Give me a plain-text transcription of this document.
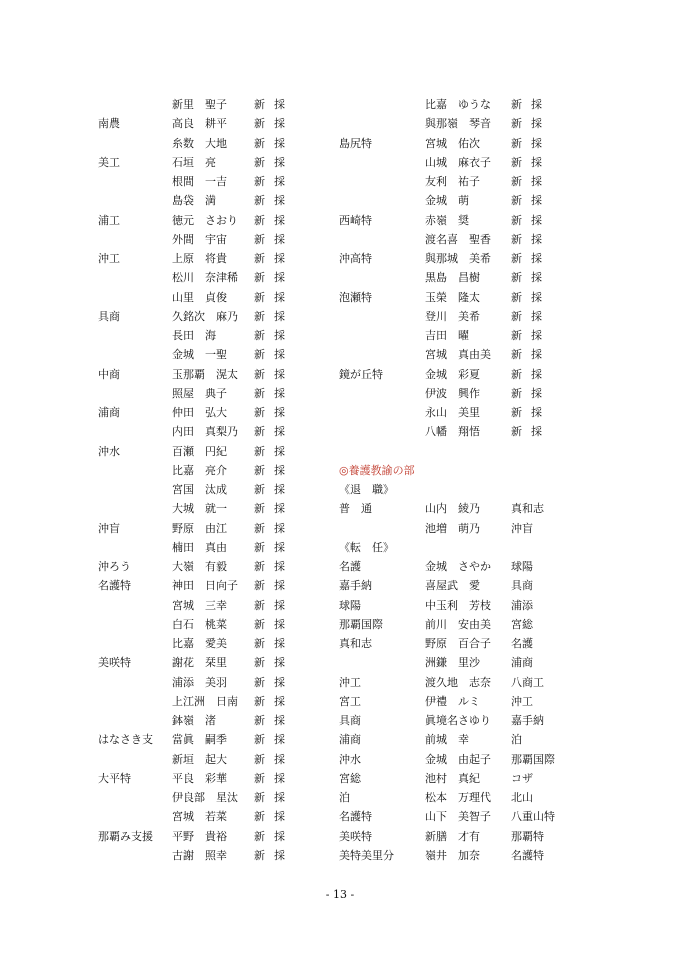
新里　聖子 新採
南農	高良　耕平 新採
糸数　大地 新採
美工	石垣　亮	新採
根間　一吉 新採
島袋　満	新採
浦工	徳元　さおり 新採
外間　宇宙 新採
沖工	上原　将貴 新採
松川　奈津稀 新採
山里　貞俊 新採
具商	久銘次　麻乃 新採
長田　海	新採
金城　一聖 新採
中商	玉那覇　滉太 新採
照屋　典子 新採
浦商	仲田　弘大 新採
内田　真梨乃 新採
沖水	百瀬　円紀 新採
比嘉　亮介 新採
宮国　汰成 新採
大城　就一 新採
沖盲	野原　由江 新採
楠田　真由 新採
沖ろう	大嶺　有毅 新採
名護特	神田　日向子 新採
宮城　三幸 新採
白石　桃菜 新採
比嘉　愛美 新採
美咲特	謝花　栞里 新採
浦添　美羽 新採
上江洲　日南 新採
鉢嶺　渚	新採
はなさき支 當眞　嗣季 新採
新垣　起大 新採
大平特	平良　彩華 新採
伊良部　星汰 新採
宮城　若菜 新採
那覇み支援 平野　貴裕 新採
古謝　照幸 新採
比嘉　ゆうな 新採
與那嶺　琴音 新採
島尻特	宮城　佑次	新採
山城　麻衣子 新採
友利　祐子	新採
金城　萌	新採
西崎特	赤嶺　奨	新採
渡名喜　聖香 新採
沖高特	與那城　美希 新採
黒島　昌樹	新採
泡瀬特	玉榮　隆太	新採
登川　美希	新採
吉田　曜	新採
宮城　真由美 新採
鏡が丘特	金城　彩夏	新採
伊波　興作	新採
永山　美里	新採
八幡　翔悟	新採
◎養護教諭の部
《退　職》
普　通	山内　綾乃	真和志
池増　萌乃	沖盲
《転　任》
名護	金城　さやか 球陽
嘉手納	喜屋武　愛	具商
球陽	中玉利　芳枝 浦添
那覇国際	前川　安由美 宮総
真和志	野原　百合子 名護
洲鎌　里沙	浦商
沖工	渡久地　志奈 八商工
宮工	伊禮　ルミ	沖工
具商	眞境名さゆり 嘉手納
浦商	前城　幸	泊
沖水	金城　由起子 那覇国際
宮総	池村　真紀	コザ
泊	松本　万理代 北山
名護特	山下　美智子 八重山特
美咲特	新膳　才有	那覇特
美特美里分	嶺井　加奈	名護特
- 13 -
